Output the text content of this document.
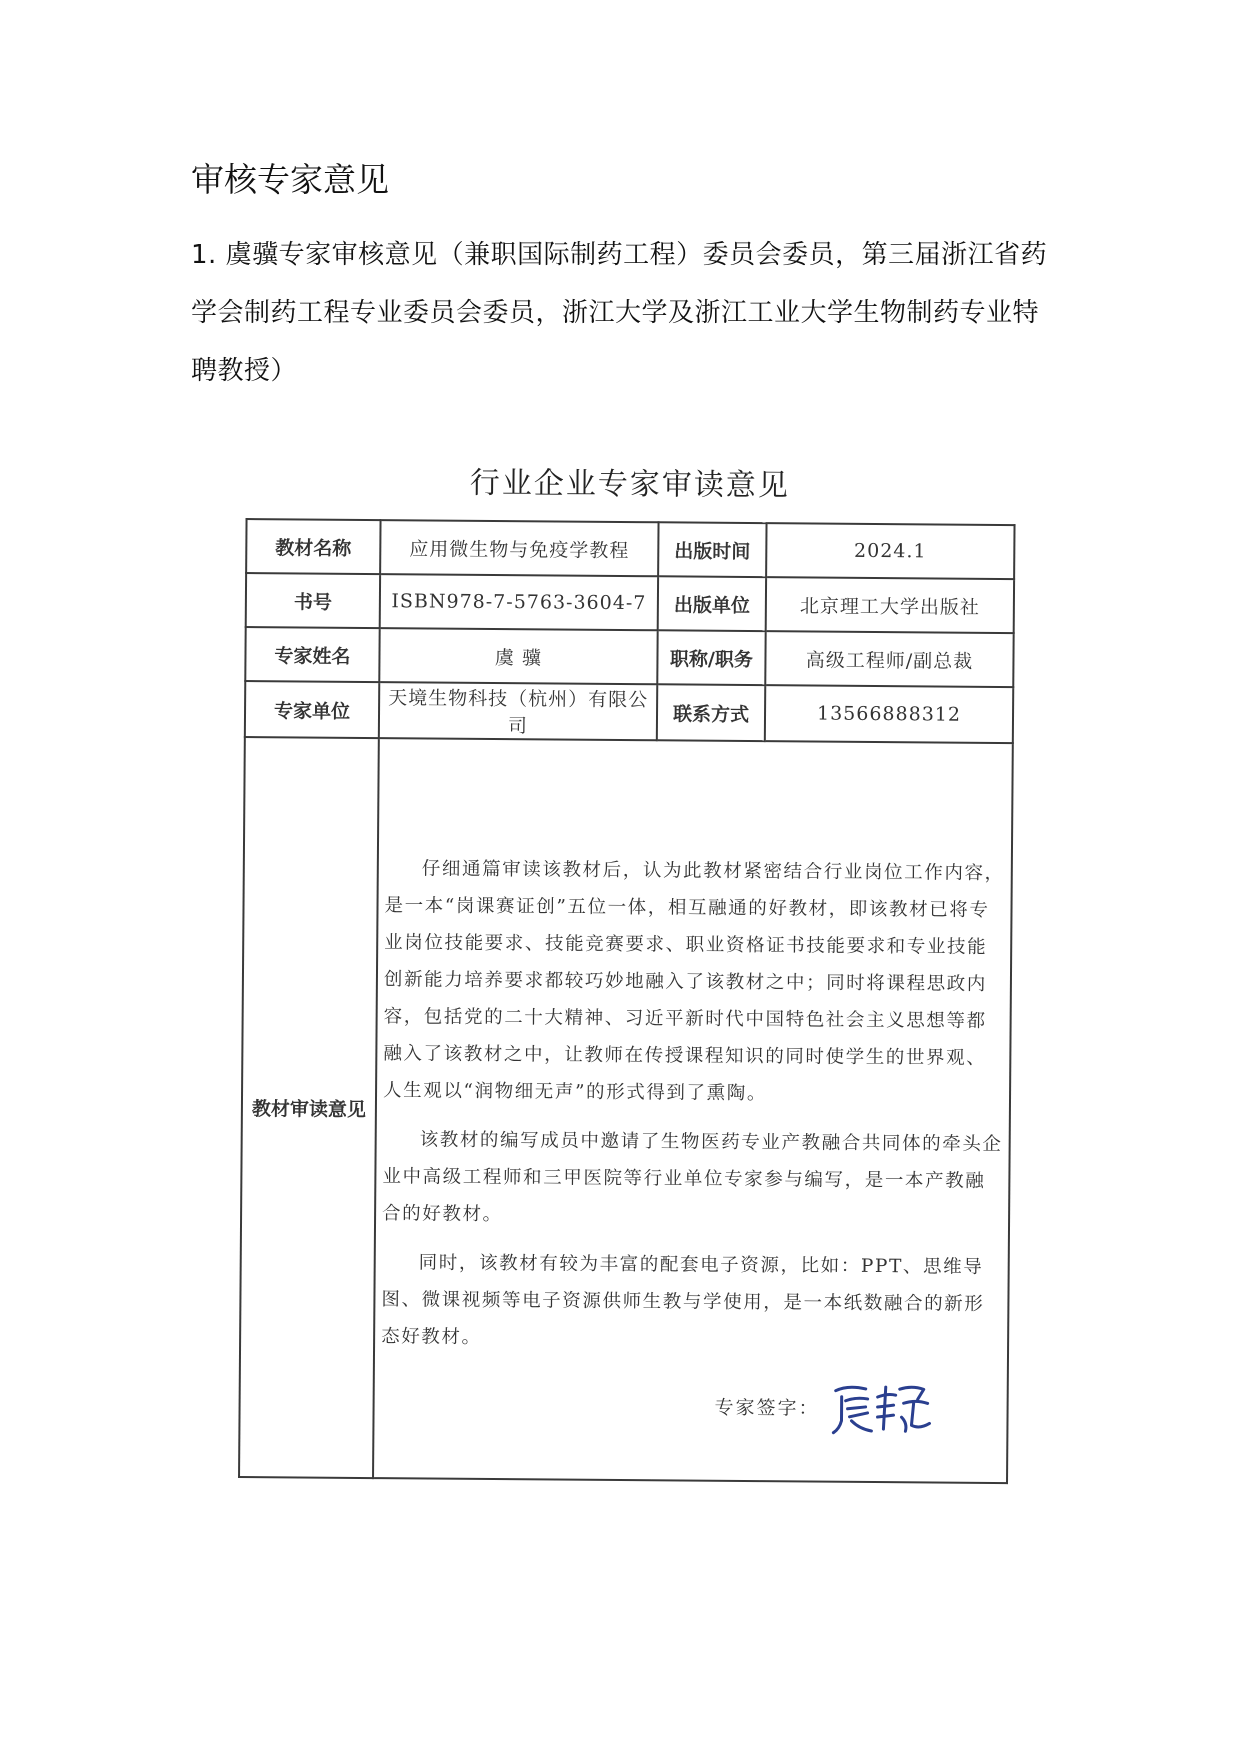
审核专家意见

1. 虞骥专家审核意见（兼职国际制药工程）委员会委员，第三届浙江省药学会制药工程专业委员会委员，浙江大学及浙江工业大学生物制药专业特聘教授）

行业企业专家审读意见
教材名称	应用微生物与免疫学教程	出版时间	2024.1
书号	ISBN978-7-5763-3604-7	出版单位	北京理工大学出版社
专家姓名	虞 骥	职称/职务	高级工程师/副总裁
专家单位	天境生物科技（杭州）有限公司	联系方式	13566888312
教材审读意见	仔细通篇审读该教材后，认为此教材紧密结合行业岗位工作内容，是一本“岗课赛证创”五位一体，相互融通的好教材，即该教材已将专业岗位技能要求、技能竞赛要求、职业资格证书技能要求和专业技能创新能力培养要求都较巧妙地融入了该教材之中；同时将课程思政内容，包括党的二十大精神、习近平新时代中国特色社会主义思想等都融入了该教材之中，让教师在传授课程知识的同时使学生的世界观、人生观以“润物细无声”的形式得到了熏陶。

该教材的编写成员中邀请了生物医药专业产教融合共同体的牵头企业中高级工程师和三甲医院等行业单位专家参与编写，是一本产教融合的好教材。

同时，该教材有较为丰富的配套电子资源，比如：PPT、思维导图、微课视频等电子资源供师生教与学使用，是一本纸数融合的新形态好教材。

专家签字：		
